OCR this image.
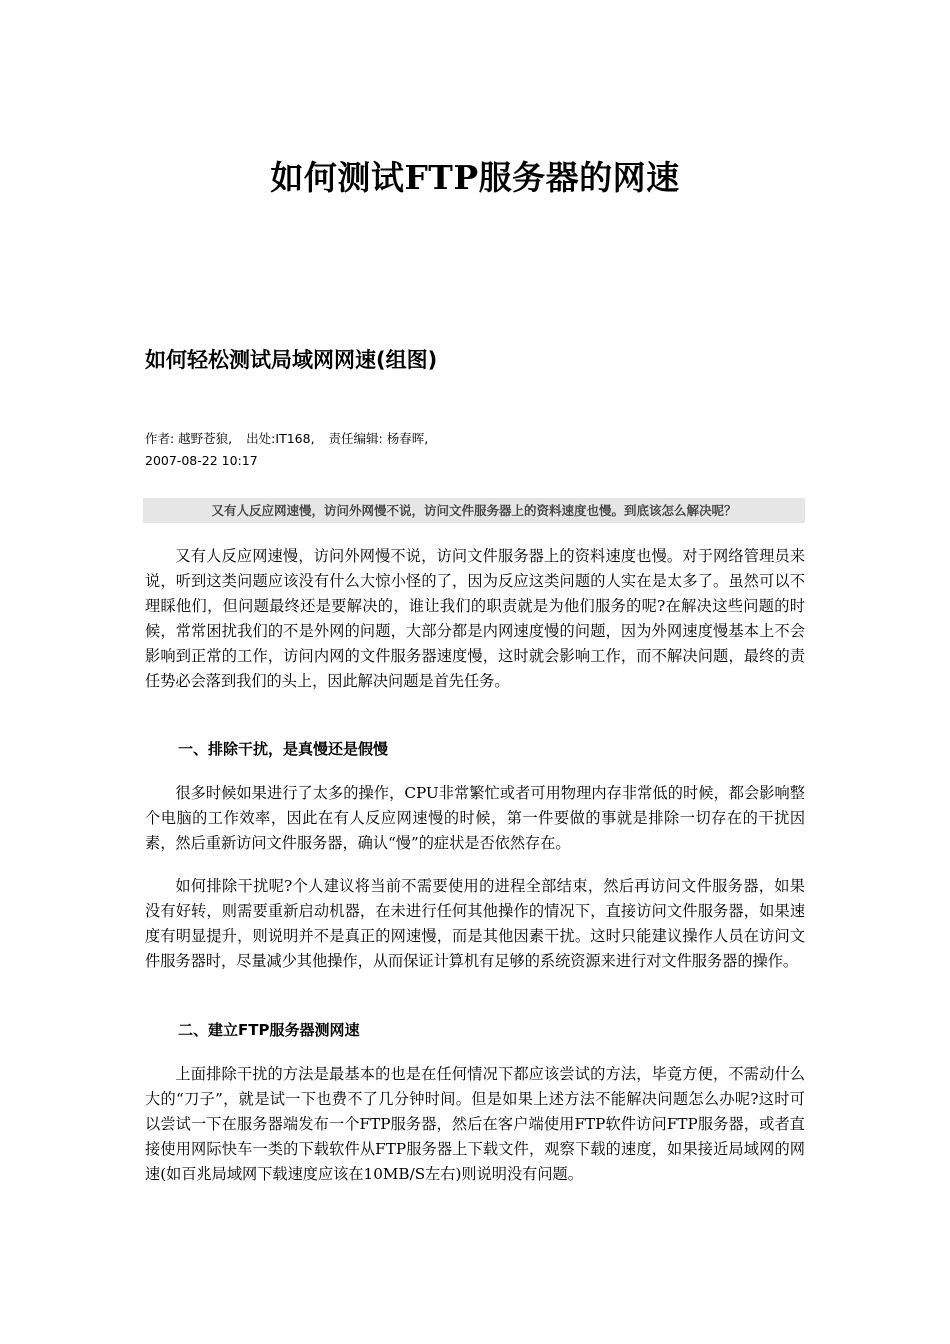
如何测试FTP服务器的网速
如何轻松测试局域网网速(组图)
作者: 越野苍狼, 出处:IT168, 责任编辑: 杨春晖,
2007-08-22 10:17
又有人反应网速慢，访问外网慢不说，访问文件服务器上的资料速度也慢。到底该怎么解决呢？

又有人反应网速慢，访问外网慢不说，访问文件服务器上的资料速度也慢。对于网络管理员来说，听到这类问题应该没有什么大惊小怪的了，因为反应这类问题的人实在是太多了。虽然可以不理睬他们，但问题最终还是要解决的，谁让我们的职责就是为他们服务的呢?在解决这些问题的时候，常常困扰我们的不是外网的问题，大部分都是内网速度慢的问题，因为外网速度慢基本上不会影响到正常的工作，访问内网的文件服务器速度慢，这时就会影响工作，而不解决问题，最终的责任势必会落到我们的头上，因此解决问题是首先任务。

一、排除干扰，是真慢还是假慢

很多时候如果进行了太多的操作，CPU非常繁忙或者可用物理内存非常低的时候，都会影响整个电脑的工作效率，因此在有人反应网速慢的时候，第一件要做的事就是排除一切存在的干扰因素，然后重新访问文件服务器，确认“慢”的症状是否依然存在。

如何排除干扰呢?个人建议将当前不需要使用的进程全部结束，然后再访问文件服务器，如果没有好转，则需要重新启动机器，在未进行任何其他操作的情况下，直接访问文件服务器，如果速度有明显提升，则说明并不是真正的网速慢，而是其他因素干扰。这时只能建议操作人员在访问文件服务器时，尽量减少其他操作，从而保证计算机有足够的系统资源来进行对文件服务器的操作。

二、建立FTP服务器测网速

上面排除干扰的方法是最基本的也是在任何情况下都应该尝试的方法，毕竟方便，不需动什么大的“刀子”，就是试一下也费不了几分钟时间。但是如果上述方法不能解决问题怎么办呢?这时可以尝试一下在服务器端发布一个FTP服务器，然后在客户端使用FTP软件访问FTP服务器，或者直接使用网际快车一类的下载软件从FTP服务器上下载文件，观察下载的速度，如果接近局域网的网速(如百兆局域网下载速度应该在10MB/S左右)则说明没有问题。
